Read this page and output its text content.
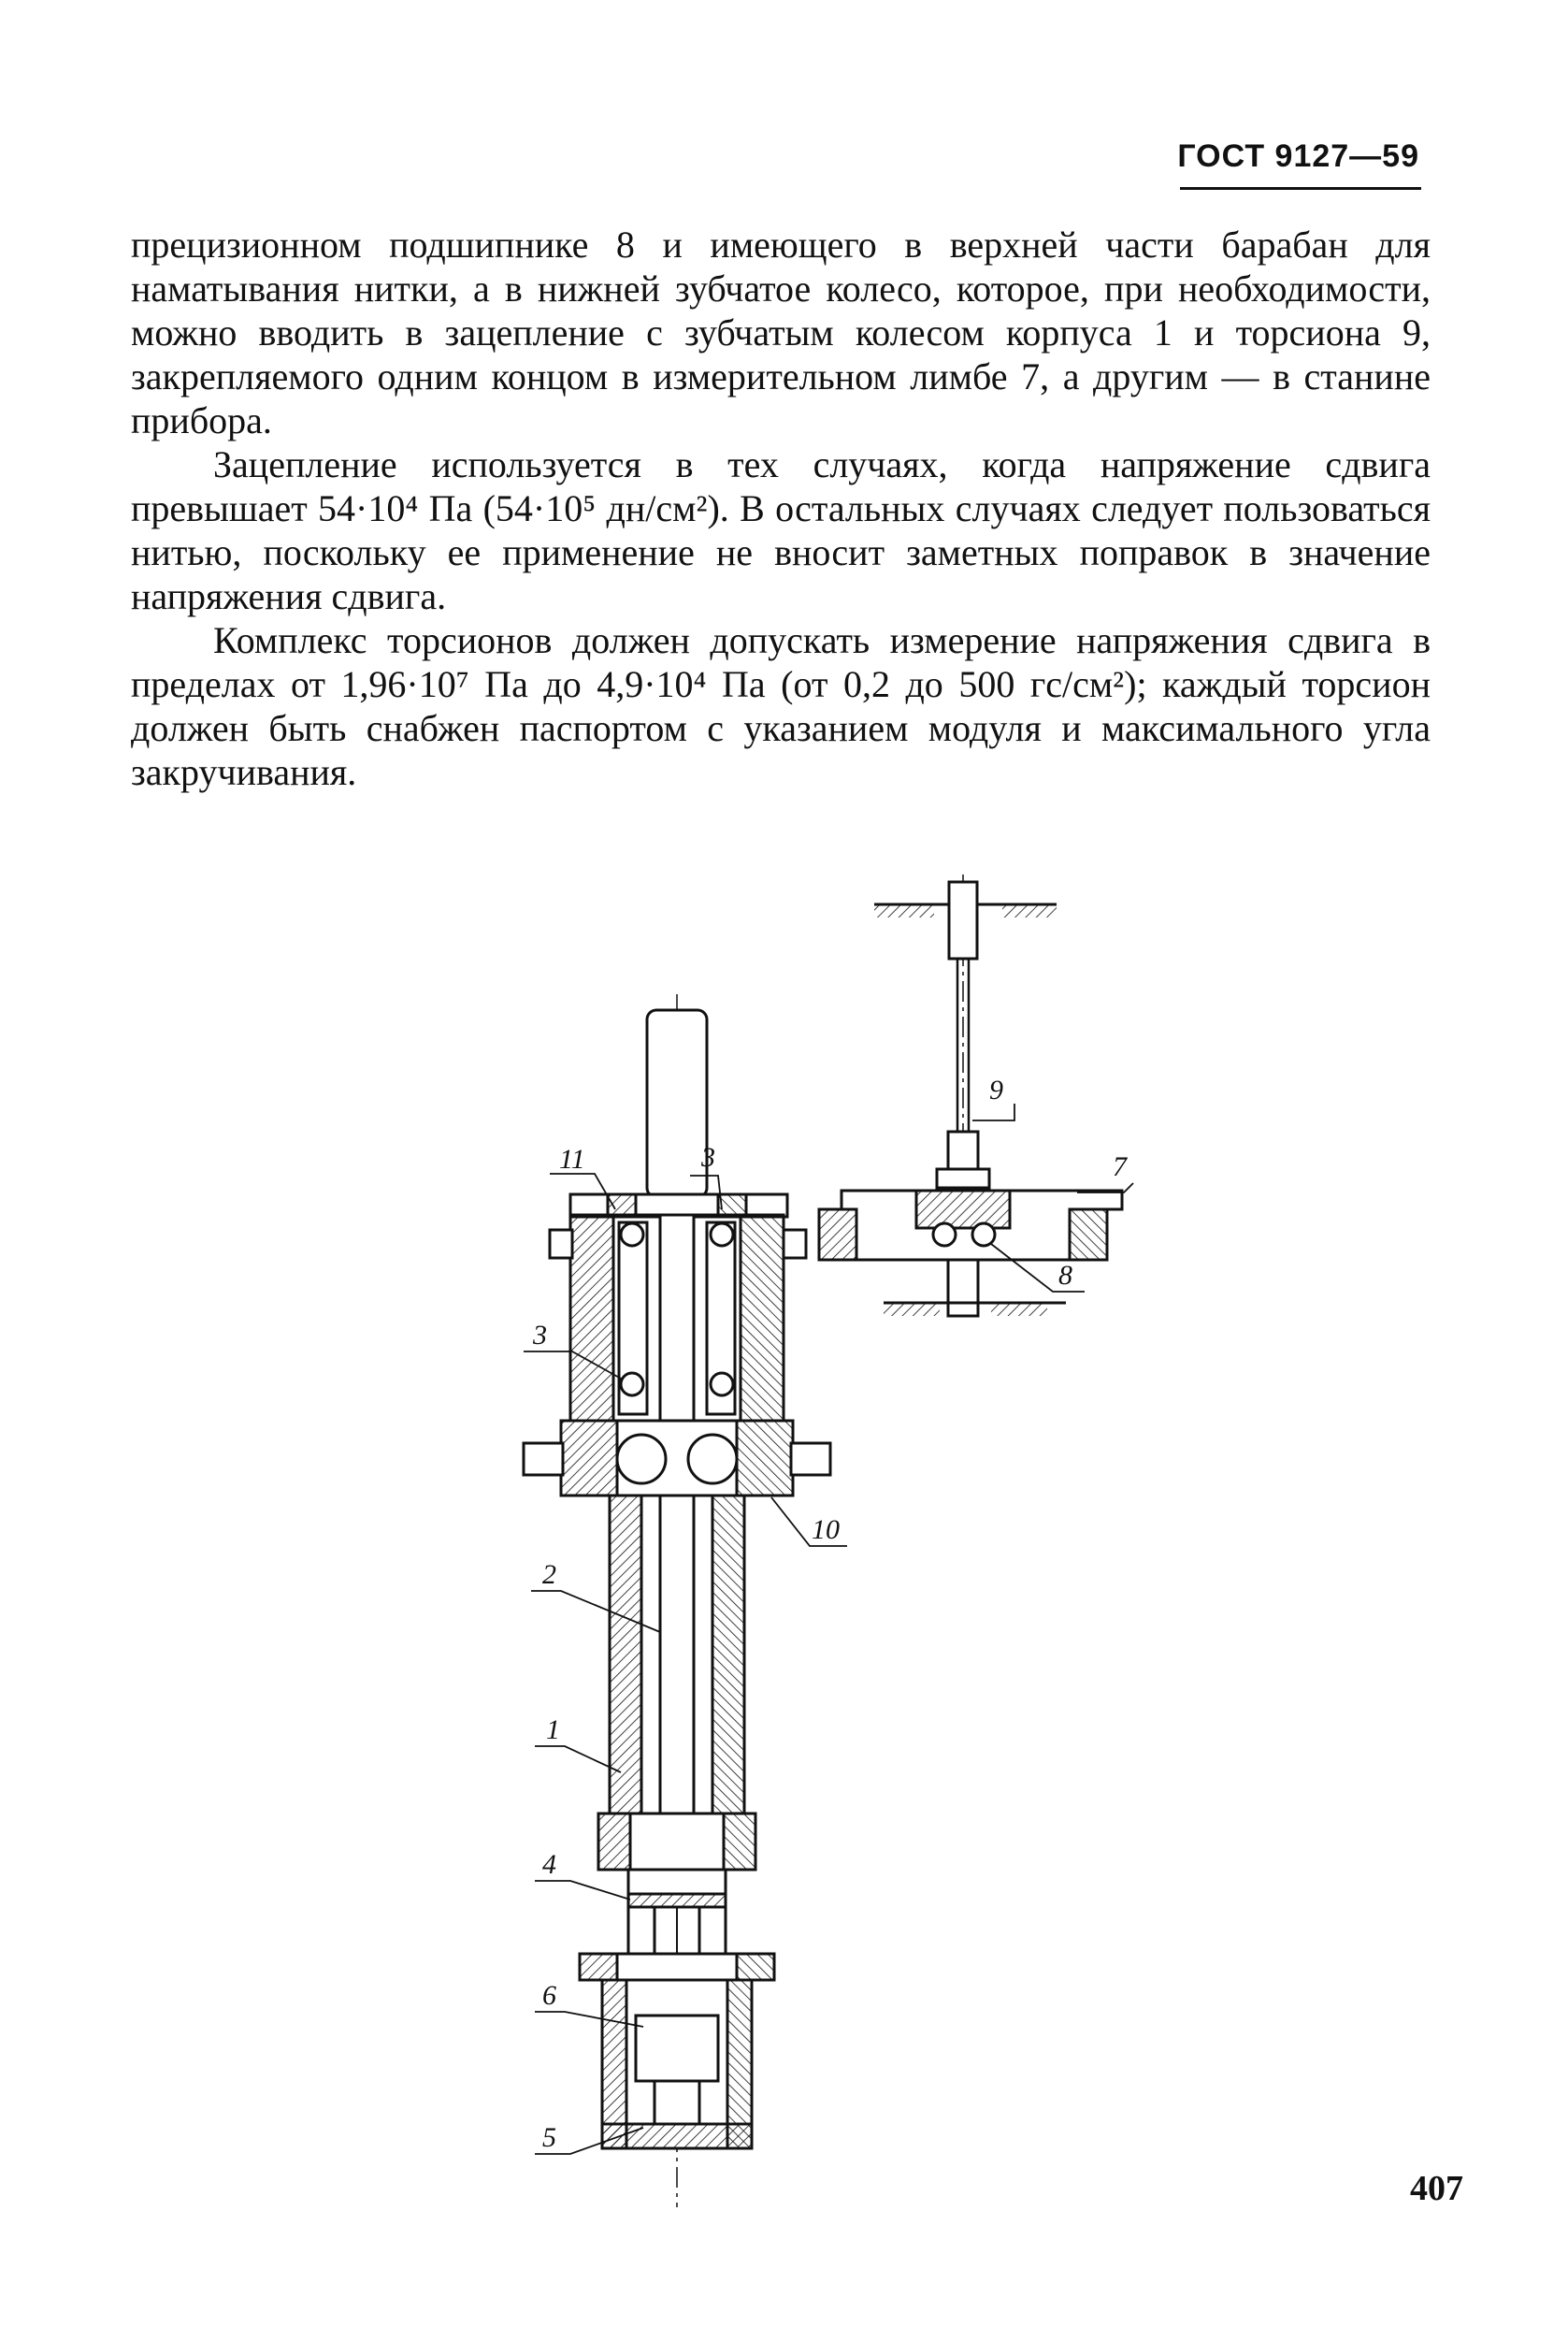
ГОСТ 9127—59

прецизионном подшипнике 8 и имеющего в верхней части барабан для наматывания нитки, а в нижней зубчатое колесо, которое, при необходимости, можно вводить в зацепление с зубчатым колесом корпуса 1 и торсиона 9, закрепляемого одним концом в измерительном лимбе 7, а другим — в станине прибора.

Зацепление используется в тех случаях, когда напряжение сдвига превышает 54·10⁴ Па (54·10⁵ дн/см²). В остальных случаях следует пользоваться нитью, поскольку ее применение не вносит заметных поправок в значение напряжения сдвига.

Комплекс торсионов должен допускать измерение напряжения сдвига в пределах от 1,96·10⁷ Па до 4,9·10⁴ Па (от 0,2 до 500 гс/см²); каждый торсион должен быть снабжен паспортом с указанием модуля и максимального угла закручивания.

11	3
3
9
7
8
10
2
1
4
6
5
407
